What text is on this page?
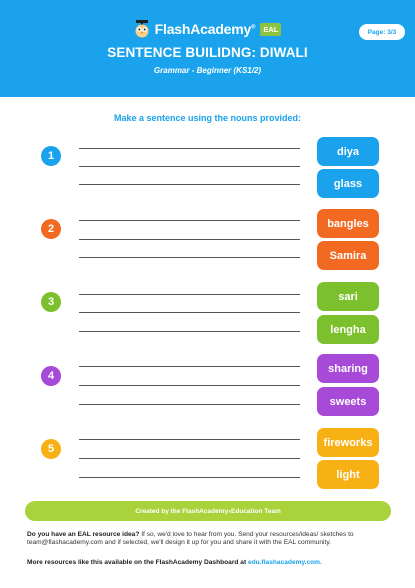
FlashAcademy®	EAL	Page: 3/3
SENTENCE BUILIDNG: DIWALI
Grammar - Beginner (KS1/2)
Make a sentence using the nouns provided:
1	diya
glass
2	bangles
Samira
3	sari
lengha
4
sharing
sweets
5
fireworks
light
Created by the FlashAcademy ® Education Team
Do you have an EAL resource idea? If so, we'd love to hear from you. Send your resources/ideas/ sketches to team@flashacademy.com and if selected, we'll design it up for you and share it with the EAL community.
More resources like this available on the FlashAcademy Dashboard at edu.flashacademy.com.
